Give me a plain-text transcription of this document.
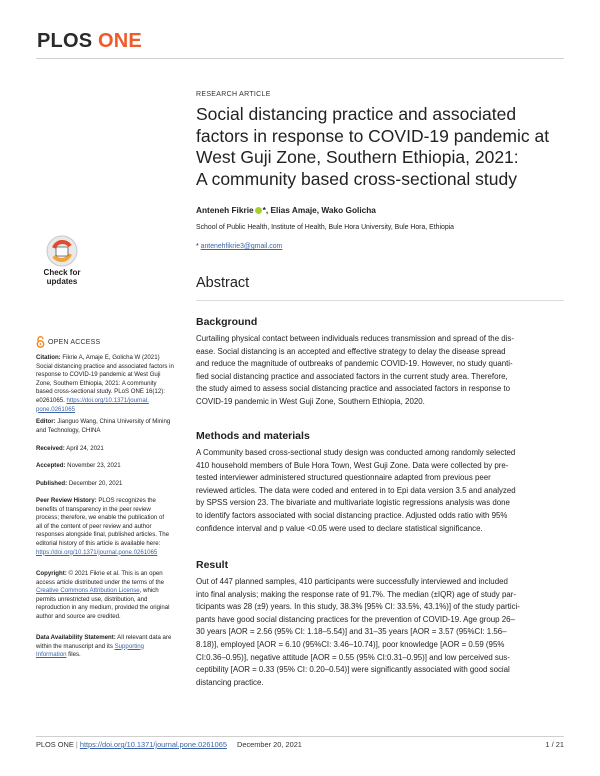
PLOS ONE
RESEARCH ARTICLE
Social distancing practice and associated
factors in response to COVID-19 pandemic at
West Guji Zone, Southern Ethiopia, 2021:
A community based cross-sectional study
Anteneh Fikrie *, Elias Amaje, Wako Golicha
School of Public Health, Institute of Health, Bule Hora University, Bule Hora, Ethiopia
* antenehfikrie3@gmail.com
Check for
updates	Abstract
Background
Curtailing physical contact between individuals reduces transmission and spread of the dis-
ease. Social distancing is an accepted and effective strategy to delay the disease spread
and reduce the magnitude of outbreaks of pandemic COVID-19. However, no study quanti-
fied social distancing practice and associated factors in the current study area. Therefore,
the study aimed to assess social distancing practice and associated factors in response to
COVID-19 pandemic in West Guji Zone, Southern Ethiopia, 2020.
Methods and materials
A Community based cross-sectional study design was conducted among randomly selected
410 household members of Bule Hora Town, West Guji Zone. Data were collected by pre-
tested interviewer administered structured questionnaire adapted from previous peer
reviewed articles. The data were coded and entered in to Epi data version 3.5 and analyzed
by SPSS version 23. The bivariate and multivariate logistic regressions analysis was done
to identify factors associated with social distancing practice. Adjusted odds ratio with 95%
confidence interval and p value <0.05 were used to declare statistical significance.
Result
Out of 447 planned samples, 410 participants were successfully interviewed and included
into final analysis; making the response rate of 91.7%. The median (±IQR) age of study par-
ticipants was 28 (±9) years. In this study, 38.3% [95% CI: 33.5%, 43.1%)] of the study partici-
pants have good social distancing practices for the prevention of COVID-19. Age group 26–
30 years [AOR = 2.56 (95% CI: 1.18–5.54)] and 31–35 years [AOR = 3.57 (95%CI: 1.56–
8.18)], employed [AOR = 6.10 (95%CI: 3.46–10.74)], poor knowledge [AOR = 0.59 (95%
CI:0.36–0.95)], negative attitude [AOR = 0.55 (95% CI:0.31–0.95)] and low perceived sus-
ceptibility [AOR = 0.33 (95% CI: 0.20–0.54)] were significantly associated with good social
distancing practice.
OPEN ACCESS
Citation: Fikrie A, Amaje E, Golicha W (2021)
Social distancing practice and associated factors in
response to COVID-19 pandemic at West Guji
Zone, Southern Ethiopia, 2021: A community
based cross-sectional study. PLoS ONE 16(12):
e0261065. https://doi.org/10.1371/journal.
pone.0261065
Editor: Jianguo Wang, China University of Mining
and Technology, CHINA
Received: April 24, 2021
Accepted: November 23, 2021
Published: December 20, 2021
Peer Review History: PLOS recognizes the
benefits of transparency in the peer review
process; therefore, we enable the publication of
all of the content of peer review and author
responses alongside final, published articles. The
editorial history of this article is available here:
https://doi.org/10.1371/journal.pone.0261065
Copyright: © 2021 Fikrie et al. This is an open
access article distributed under the terms of the
Creative Commons Attribution License, which
permits unrestricted use, distribution, and
reproduction in any medium, provided the original
author and source are credited.
Data Availability Statement: All relevant data are
within the manuscript and its Supporting
Information files.
PLOS ONE | https://doi.org/10.1371/journal.pone.0261065 December 20, 2021	1 / 21
